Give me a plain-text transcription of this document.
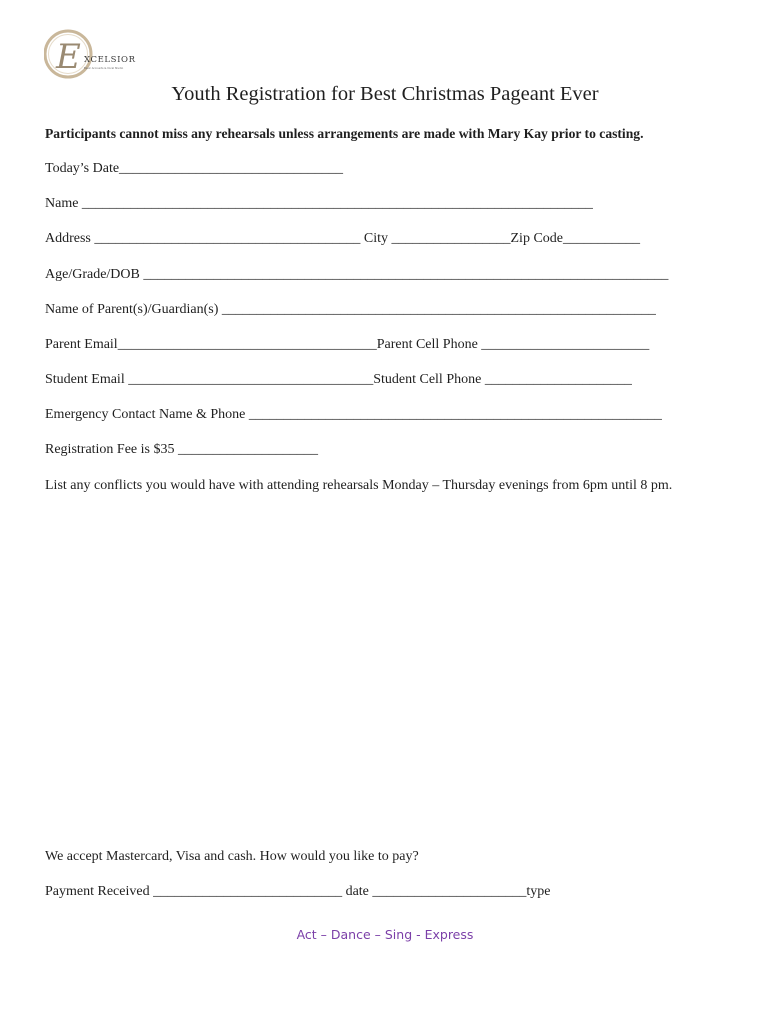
E XCELSIOR
Basic Accounts & Vocal Studio
Youth Registration for Best Christmas Pageant Ever

Participants cannot miss any rehearsals unless arrangements are made with Mary Kay prior to casting.

Today’s Date________________________________

Name _________________________________________________________________________

Address ______________________________________ City _________________Zip Code___________

Age/Grade/DOB ___________________________________________________________________________

Name of Parent(s)/Guardian(s) ______________________________________________________________

Parent Email_____________________________________Parent Cell Phone ________________________

Student Email ___________________________________Student Cell Phone _____________________

Emergency Contact Name & Phone ___________________________________________________________

Registration Fee is $35 ____________________

List any conflicts you would have with attending rehearsals Monday – Thursday evenings from 6pm until 8 pm.

We accept Mastercard, Visa and cash. How would you like to pay?

Payment Received ___________________________ date ______________________type

Act – Dance – Sing - Express
